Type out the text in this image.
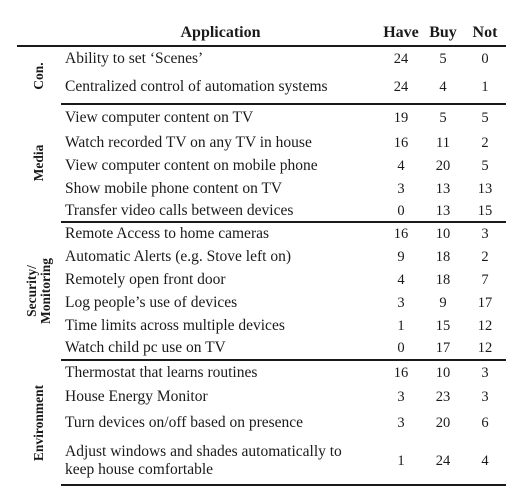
	Application	Have	Buy	Not

Con.	Ability to set ‘Scenes’	24	5	0
	Centralized control of automation systems	24	4	1

Media	View computer content on TV	19	5	5
	Watch recorded TV on any TV in house	16	11	2
	View computer content on mobile phone	4	20	5
	Show mobile phone content on TV	3	13	13
	Transfer video calls between devices	0	13	15

Security/ Monitoring	Remote Access to home cameras	16	10	3
	Automatic Alerts (e.g. Stove left on)	9	18	2
	Remotely open front door	4	18	7
	Log people’s use of devices	3	9	17
	Time limits across multiple devices	1	15	12
	Watch child pc use on TV	0	17	12

Environment	Thermostat that learns routines	16	10	3
	House Energy Monitor	3	23	3
	Turn devices on/off based on presence	3	20	6
	Adjust windows and shades automatically to keep house comfortable	1	24	4
